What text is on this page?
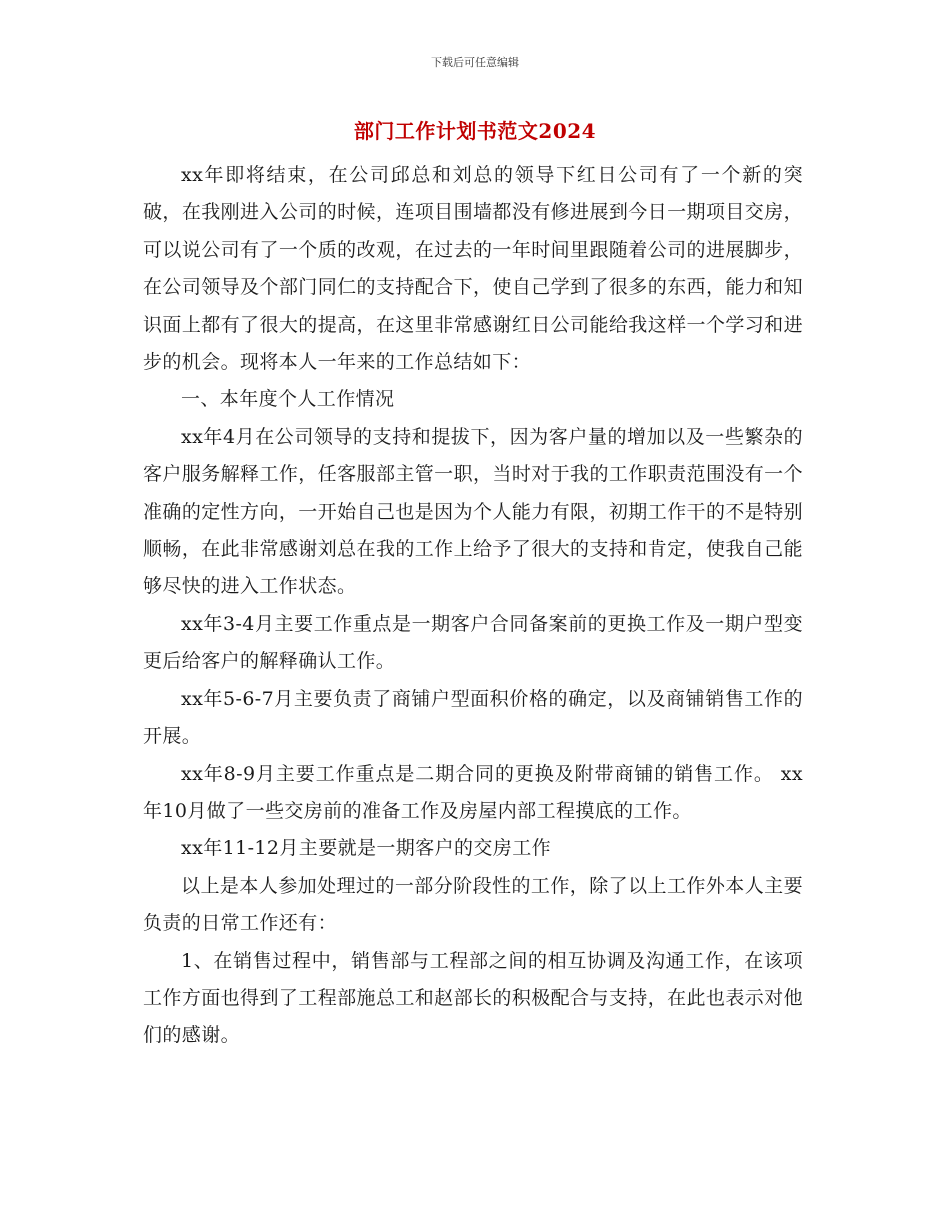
下载后可任意编辑
部门工作计划书范文2024

xx年即将结束，在公司邱总和刘总的领导下红日公司有了一个新的突破，在我刚进入公司的时候，连项目围墙都没有修进展到今日一期项目交房，可以说公司有了一个质的改观，在过去的一年时间里跟随着公司的进展脚步，在公司领导及个部门同仁的支持配合下，使自己学到了很多的东西，能力和知识面上都有了很大的提高，在这里非常感谢红日公司能给我这样一个学习和进步的机会。现将本人一年来的工作总结如下：

一、本年度个人工作情况

xx年4月在公司领导的支持和提拔下，因为客户量的增加以及一些繁杂的客户服务解释工作，任客服部主管一职，当时对于我的工作职责范围没有一个准确的定性方向，一开始自己也是因为个人能力有限，初期工作干的不是特别顺畅，在此非常感谢刘总在我的工作上给予了很大的支持和肯定，使我自己能够尽快的进入工作状态。

xx年3-4月主要工作重点是一期客户合同备案前的更换工作及一期户型变更后给客户的解释确认工作。

xx年5-6-7月主要负责了商铺户型面积价格的确定，以及商铺销售工作的开展。

xx年8-9月主要工作重点是二期合同的更换及附带商铺的销售工作。 xx年10月做了一些交房前的准备工作及房屋内部工程摸底的工作。

xx年11-12月主要就是一期客户的交房工作

以上是本人参加处理过的一部分阶段性的工作，除了以上工作外本人主要负责的日常工作还有：

1、在销售过程中，销售部与工程部之间的相互协调及沟通工作，在该项工作方面也得到了工程部施总工和赵部长的积极配合与支持，在此也表示对他们的感谢。
